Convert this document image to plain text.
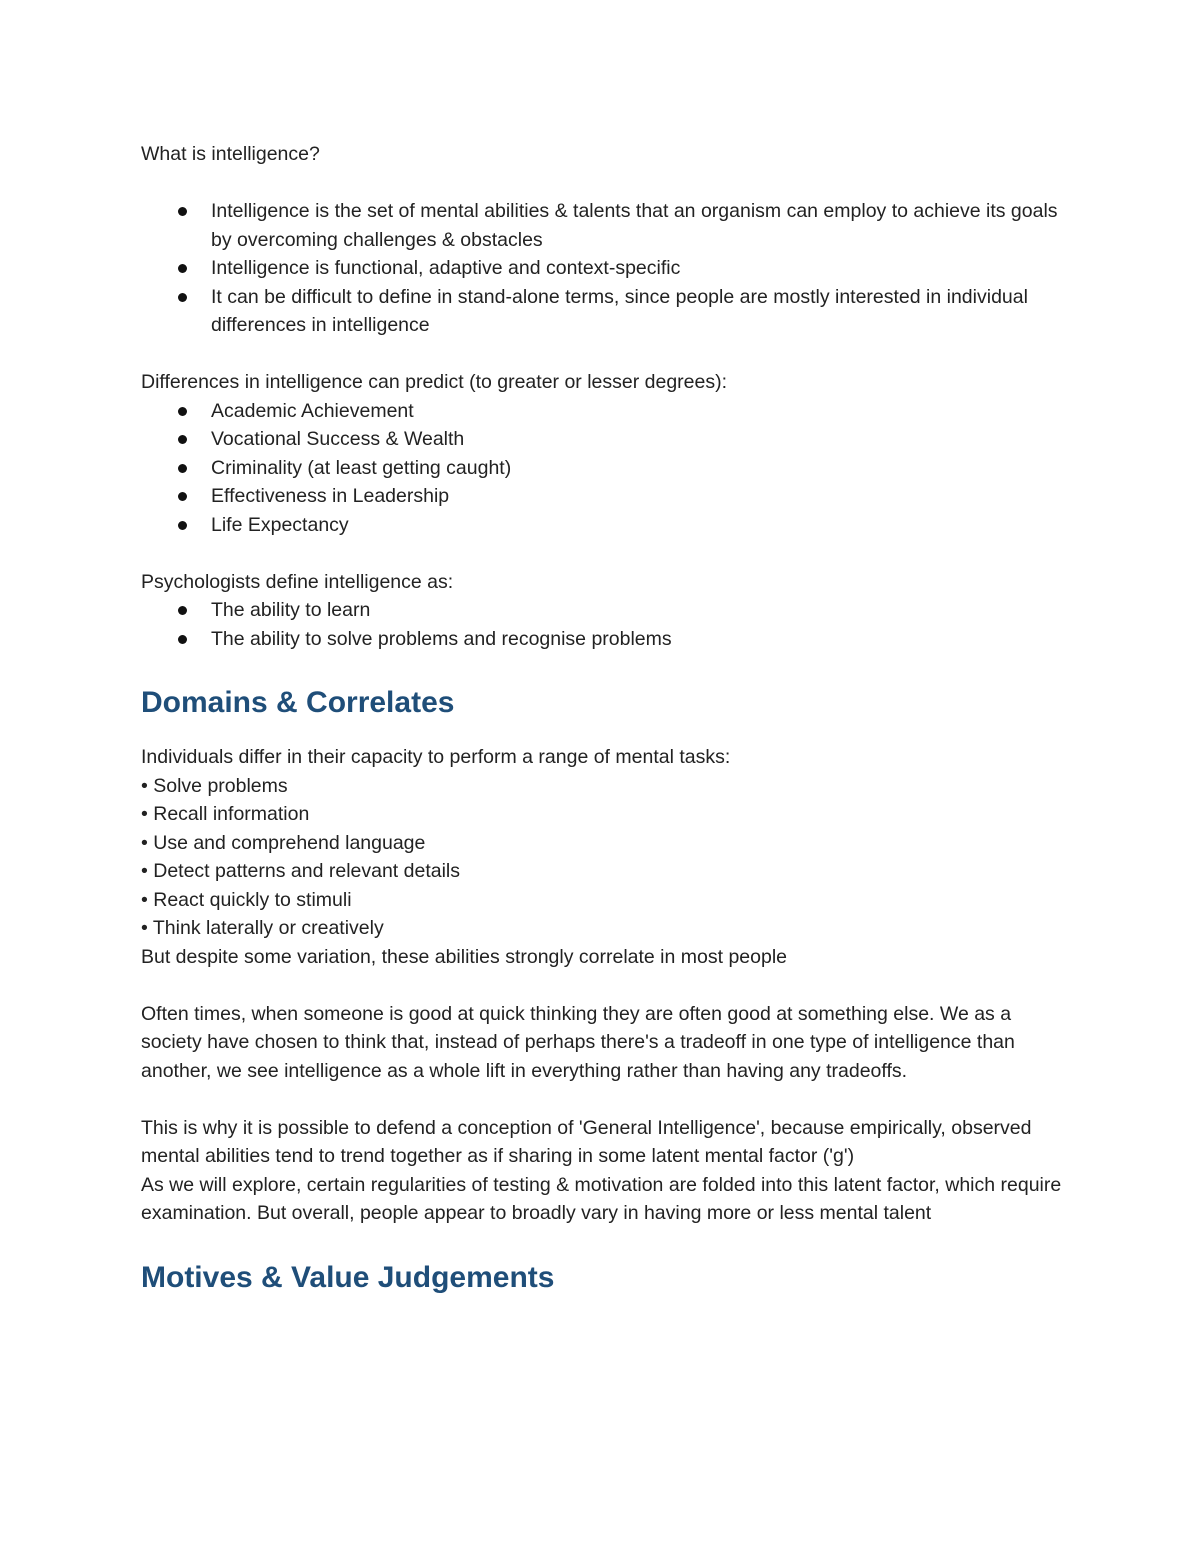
What is intelligence?

Intelligence is the set of mental abilities & talents that an organism can employ to achieve its goals by overcoming challenges & obstacles
Intelligence is functional, adaptive and context-specific
It can be difficult to define in stand-alone terms, since people are mostly interested in individual differences in intelligence

Differences in intelligence can predict (to greater or lesser degrees):

Academic Achievement
Vocational Success & Wealth
Criminality (at least getting caught)
Effectiveness in Leadership
Life Expectancy

Psychologists define intelligence as:

The ability to learn
The ability to solve problems and recognise problems
Domains & Correlates

Individuals differ in their capacity to perform a range of mental tasks:

• Solve problems

• Recall information

• Use and comprehend language

• Detect patterns and relevant details

• React quickly to stimuli

• Think laterally or creatively

But despite some variation, these abilities strongly correlate in most people

Often times, when someone is good at quick thinking they are often good at something else. We as a society have chosen to think that, instead of perhaps there's a tradeoff in one type of intelligence than another, we see intelligence as a whole lift in everything rather than having any tradeoffs.

This is why it is possible to defend a conception of 'General Intelligence', because empirically, observed mental abilities tend to trend together as if sharing in some latent mental factor ('g')

As we will explore, certain regularities of testing & motivation are folded into this latent factor, which require examination. But overall, people appear to broadly vary in having more or less mental talent

Motives & Value Judgements
